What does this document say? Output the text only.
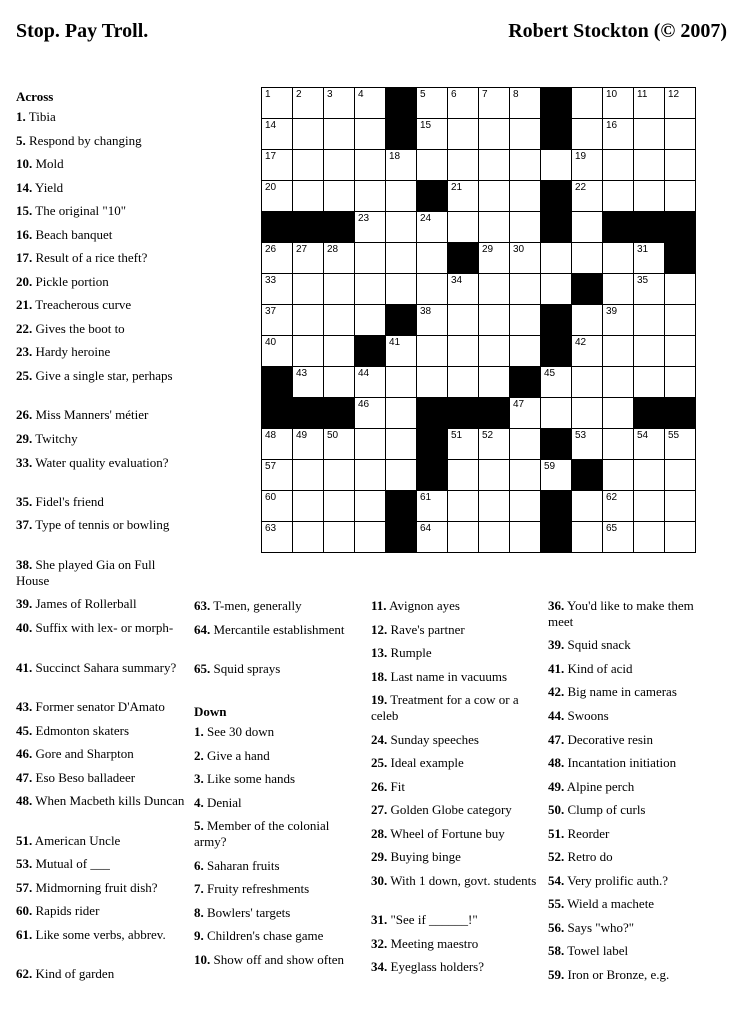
Stop. Pay Troll.	Robert Stockton (© 2007)
Across
Down
1	2	3	4	5	6	7	8	10 11 12
14	15	16
17	18	19
20	21	22
23	24
26 27 28	29 30	31
33	34	35
37	38	39
40	41	42
43	44	45
46	47
48 49 50	51 52	53	54 55
57	59
60	61	62
63	64	65
1. Tibia
5. Respond by changing
10. Mold
14. Yield
15. The original "10"
16. Beach banquet
17. Result of a rice theft?
20. Pickle portion
21. Treacherous curve
22. Gives the boot to
23. Hardy heroine
25. Give a single star, perhaps
26. Miss Manners' métier
29. Twitchy
33. Water quality evaluation?
35. Fidel's friend
37. Type of tennis or bowling
38. She played Gia on Full House
39. James of Rollerball
40. Suffix with lex- or morph-
41. Succinct Sahara summary?
43. Former senator D'Amato
45. Edmonton skaters
46. Gore and Sharpton
47. Eso Beso balladeer
48. When Macbeth kills Duncan
51. American Uncle
53. Mutual of ___
57. Midmorning fruit dish?
60. Rapids rider
61. Like some verbs, abbrev.
62. Kind of garden
63. T-men, generally
64. Mercantile establishment
65. Squid sprays
1. See 30 down
2. Give a hand
3. Like some hands
4. Denial
5. Member of the colonial army?
6. Saharan fruits
7. Fruity refreshments
8. Bowlers' targets
9. Children's chase game
10. Show off and show often
11. Avignon ayes
12. Rave's partner
13. Rumple
18. Last name in vacuums
19. Treatment for a cow or a celeb
24. Sunday speeches
25. Ideal example
26. Fit
27. Golden Globe category
28. Wheel of Fortune buy
29. Buying binge
30. With 1 down, govt. students
31. "See if ______!"
32. Meeting maestro
34. Eyeglass holders?
36. You'd like to make them meet
39. Squid snack
41. Kind of acid
42. Big name in cameras
44. Swoons
47. Decorative resin
48. Incantation initiation
49. Alpine perch
50. Clump of curls
51. Reorder
52. Retro do
54. Very prolific auth.?
55. Wield a machete
56. Says "who?"
58. Towel label
59. Iron or Bronze, e.g.
